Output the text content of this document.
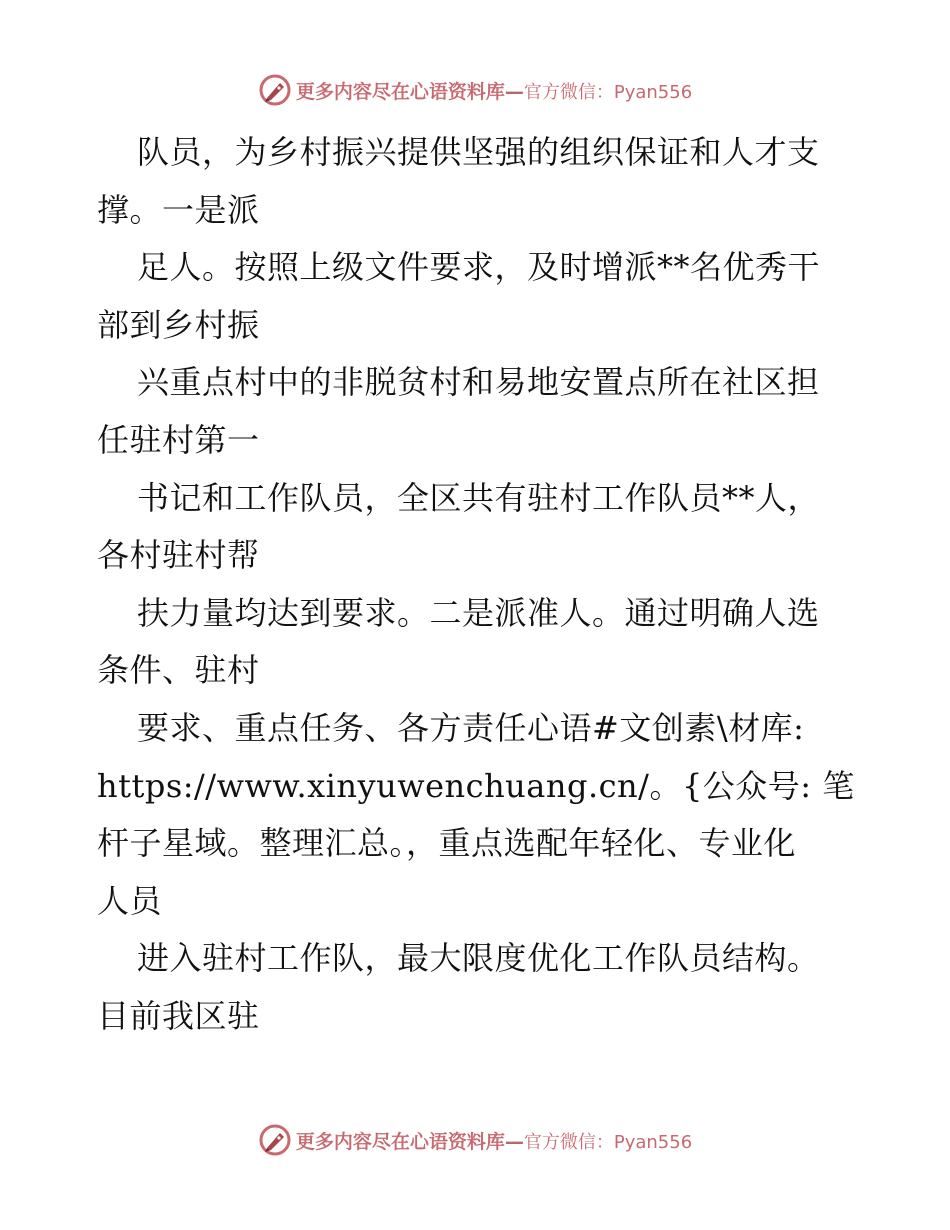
更多内容尽在心语资料库 — 官方微信：Pyan556
队员，为乡村振兴提供坚强的组织保证和人才支
撑。一是派
足人。按照上级文件要求，及时增派**名优秀干
部到乡村振
兴重点村中的非脱贫村和易地安置点所在社区担
任驻村第一
书记和工作队员，全区共有驻村工作队员**人，
各村驻村帮
扶力量均达到要求。二是派准人。通过明确人选
条件、驻村
要求、重点任务、各方责任心语#文创素\材库:
https://www.xinyuwenchuang.cn/。{公众号: 笔
杆子星域。整理汇总。，重点选配年轻化、专业化
人员
进入驻村工作队，最大限度优化工作队员结构。
目前我区驻
更多内容尽在心语资料库 — 官方微信：Pyan556
